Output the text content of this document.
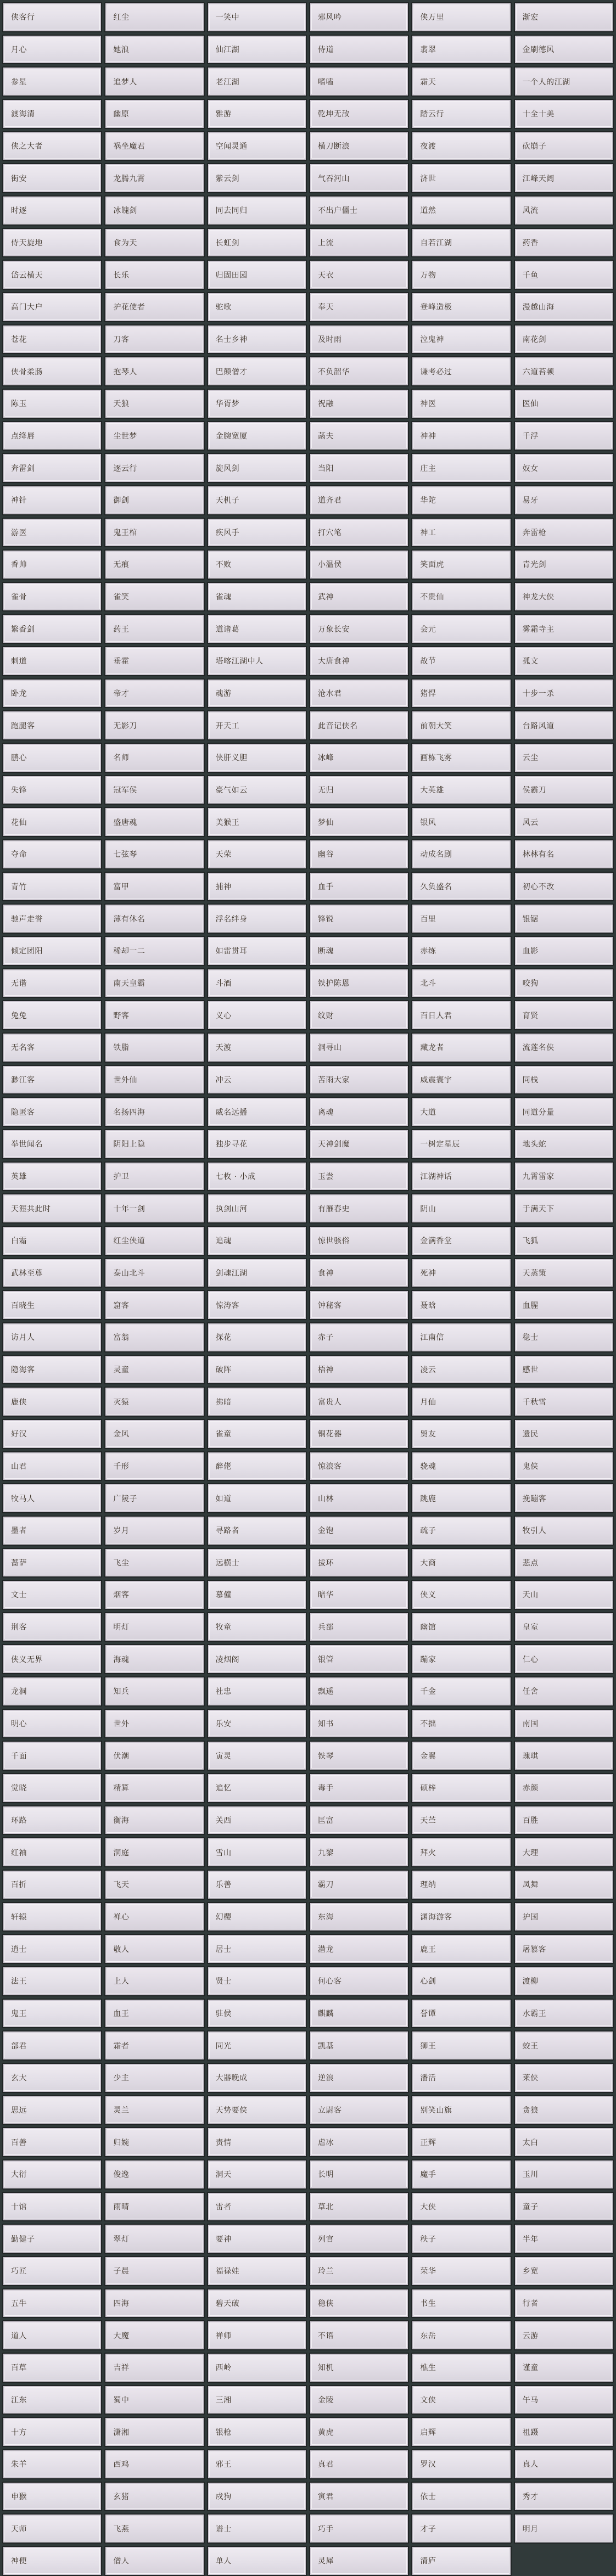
侠客行	红尘	一笑中	邪风吟	侠万里	渐宏
月心	她浪	仙江湖	侍道	翡翠	金刷德风
参星	追梦人	老江湖	嗜嗑	霜天	一个人的江湖
渡海清	幽原	雅游	乾坤无敌	踏云行	十全十美
侠之大者	祸坐魔君	空闻灵通	横刀断浪	夜渡	砍崩子
街安	龙腾九霄	紫云剑	气吞河山	济世	江峰天阔
时逐	冰魄剑	同去同归	不出户僵士	道然	风流
侍天旋地	食为天	长虹剑	上流	自若江湖	药香
岱云横天	长乐	归固田园	天衣	万物	千鱼
高门大户	护花使者	驼歌	奉天	登峰造极	漫越山海
苍花	刀客	名士乡神	及时雨	泣鬼神	南花剑
侠骨柔肠	抱琴人	巴颠僧才	不负韶华	谦考必过	六道苔顿
陈玉	天狼	华胥梦	祝融	神医	医仙
点绛唇	尘世梦	金腕宽厦	菡夫	神神	千浮
奔雷剑	逐云行	旋风剑	当阳	庄主	奴女
神针	御剑	天机子	道齐君	华陀	易牙
游医	鬼王棺	疾风手	打穴笔	神工	奔雷枪
香帅	无痕	不败	小温侯	笑面虎	青光剑
雀骨	雀笑	雀魂	武神	不贵仙	神龙大侠
繁香剑	药王	道诸葛	万象长安	会元	雾霜寺主
刺道	垂霍	塔喀江湖中人	大唐食神	故节	孤文
卧龙	帝才	魂游	沧水君	猪悍	十步一杀
跑腿客	无影刀	开天工	此音记侠名	前朝大笑	台路风道
鹏心	名师	侠肝义胆	冰峰	画栋飞雾	云尘
失锋	冠军侯	豪气如云	无归	大英雄	侯霸刀
花仙	盛唐魂	美猴王	梦仙	银风	风云
夺命	七弦琴	天荣	幽谷	动成名剧	林林有名
青竹	富甲	捕神	血手	久负盛名	初心不改
驰声走誉	薄有休名	浮名绊身	锋锐	百里	银锯
倾定团阳	稀却一二	如雷贯耳	断魂	赤练	血影
无谐	南天皇霸	斗酒	铁护陈恩	北斗	咬狗
兔兔	野客	义心	纹财	百日人君	育贤
无名客	铁脂	天渡	洞寻山	藏龙者	流莲名侠
渺江客	世外仙	冲云	苦雨大家	威震寰宇	同栈
隐匿客	名扬四海	威名远播	离魂	大道	同道分量
举世闻名	阴阳上隐	独步寻花	天神剑魔	一树定星辰	地头蛇
英雄	护卫	七枚 · 小成	玉尝	江湖神话	九霄雷家
天涯共此时	十年一剑	执剑山河	有雁春史	阴山	于满天下
白霜	红尘侠道	追魂	惊世骇俗	金满香堂	飞狐
武林至尊	泰山北斗	剑魂江湖	食神	死神	天蒸策
百晓生	窟客	惊涛客	钟秘客	聂晗	血腥
访月人	富翁	探花	赤子	江南信	稳士
隐海客	灵童	破阵	梧神	凌云	感世
鹿侠	灭猿	拂暗	富贵人	月仙	千秋雪
好汉	金风	雀童	铜花器	贸友	遗民
山君	千形	醉佬	惊浪客	骁魂	鬼侠
牧马人	广陵子	如道	山林	跳鹿	挽蹦客
墨者	岁月	寻路者	金饱	疏子	牧引人
蔷萨	飞尘	远横士	拔环	大商	悲点
文士	烟客	慕僮	暗华	侠义	天山
荆客	明灯	牧童	兵部	幽馆	皇室
侠义无界	海魂	凌烟阁	银管	蹦家	仁心
龙洞	知兵	社忠	飘遥	千金	任舍
明心	世外	乐安	知书	不拙	南国
千面	伏潮	寅灵	铁琴	金翼	瑰琪
觉晓	精算	追忆	毒手	硕梓	赤颜
环路	衡海	关西	匡富	天苎	百胜
红袖	洞庭	雪山	九黎	拜火	大理
百折	飞天	乐善	霸刀	理纳	凤舞
轩辕	禅心	幻樱	东海	渊海游客	护国
逍士	敬人	居士	潜龙	鹿王	屠篡客
法王	上人	贤士	何心客	心剑	渡柳
鬼王	血王	驻侯	麒麟	誉谭	水霸王
部君	霜者	同光	凯基	狮王	蛟王
玄大	少主	大器晚成	逆浪	潘活	莱侠
思远	灵兰	天势要侠	立尉客	别笑山旗	贪狼
百善	归婉	责情	虐冰	正辉	太白
大衍	俊逸	洞天	长明	魔手	玉川
十馆	雨晴	雷者	草北	大侠	童子
勤健子	翠灯	要神	列官	秩子	半年
巧匠	子晨	福禄娃	玲兰	荣华	乡宽
五牛	四海	碧天破	稳侠	书生	行者
道人	大魔	禅师	不语	东岳	云游
百草	吉祥	西岭	知机	樵生	谨童
江东	蜀中	三湘	金陵	文侠	午马
十方	潇湘	银枪	黄虎	启辉	祖蹑
朱羊	西鸡	邪王	真君	罗汉	真人
申猴	玄猪	戍狗	寅君	依士	秀才
天师	飞燕	谱士	巧手	才子	明月
神便	僧人	单人	灵犀	清庐
